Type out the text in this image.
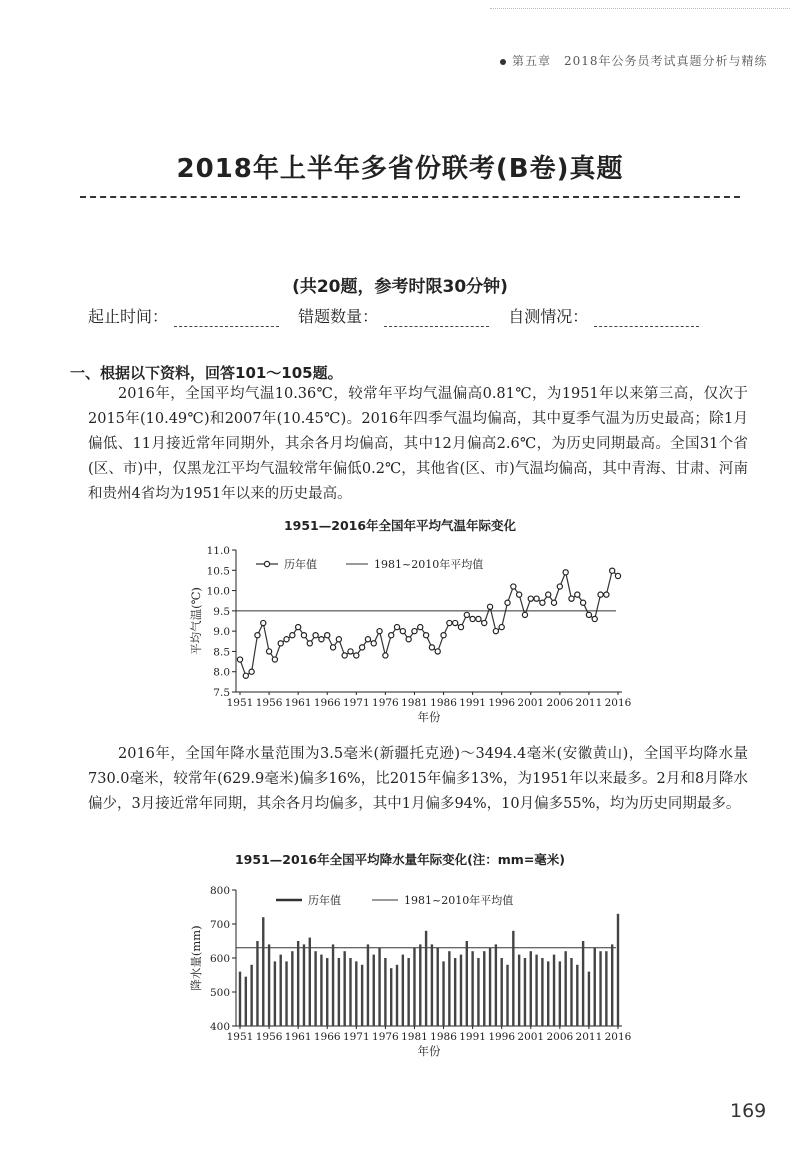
第五章　2018年公务员考试真题分析与精练
2018年上半年多省份联考(B卷)真题
(共20题，参考时限30分钟)
起止时间：	错题数量：	自测情况：
一、根据以下资料，回答101～105题。
2016年，全国平均气温10.36℃，较常年平均气温偏高0.81℃，为1951年以来第三高，仅次于2015年(10.49℃)和2007年(10.45℃)。2016年四季气温均偏高，其中夏季气温为历史最高；除1月偏低、11月接近常年同期外，其余各月均偏高，其中12月偏高2.6℃，为历史同期最高。全国31个省(区、市)中，仅黑龙江平均气温较常年偏低0.2℃，其他省(区、市)气温均偏高，其中青海、甘肃、河南和贵州4省均为1951年以来的历史最高。
1951—2016年全国年平均气温年际变化
7.5
8.0
8.5
9.0
9.5
10.0
10.5
11.0
1951 1956 1961 1966 1971 1976 1981 1986 1991 1996 2001 2006 2011 2016
年份
平均气温(℃)
历年值	1981~2010年平均值
2016年，全国年降水量范围为3.5毫米(新疆托克逊)～3494.4毫米(安徽黄山)，全国平均降水量730.0毫米，较常年(629.9毫米)偏多16%，比2015年偏多13%，为1951年以来最多。2月和8月降水偏少，3月接近常年同期，其余各月均偏多，其中1月偏多94%，10月偏多55%，均为历史同期最多。
1951—2016年全国平均降水量年际变化(注：mm=毫米)
400
500
600
700
800
1951 1956 1961 1966 1971 1976 1981 1986 1991 1996 2001 2006 2011 2016
年份
降水量(mm)
历年值	1981~2010年平均值
169
